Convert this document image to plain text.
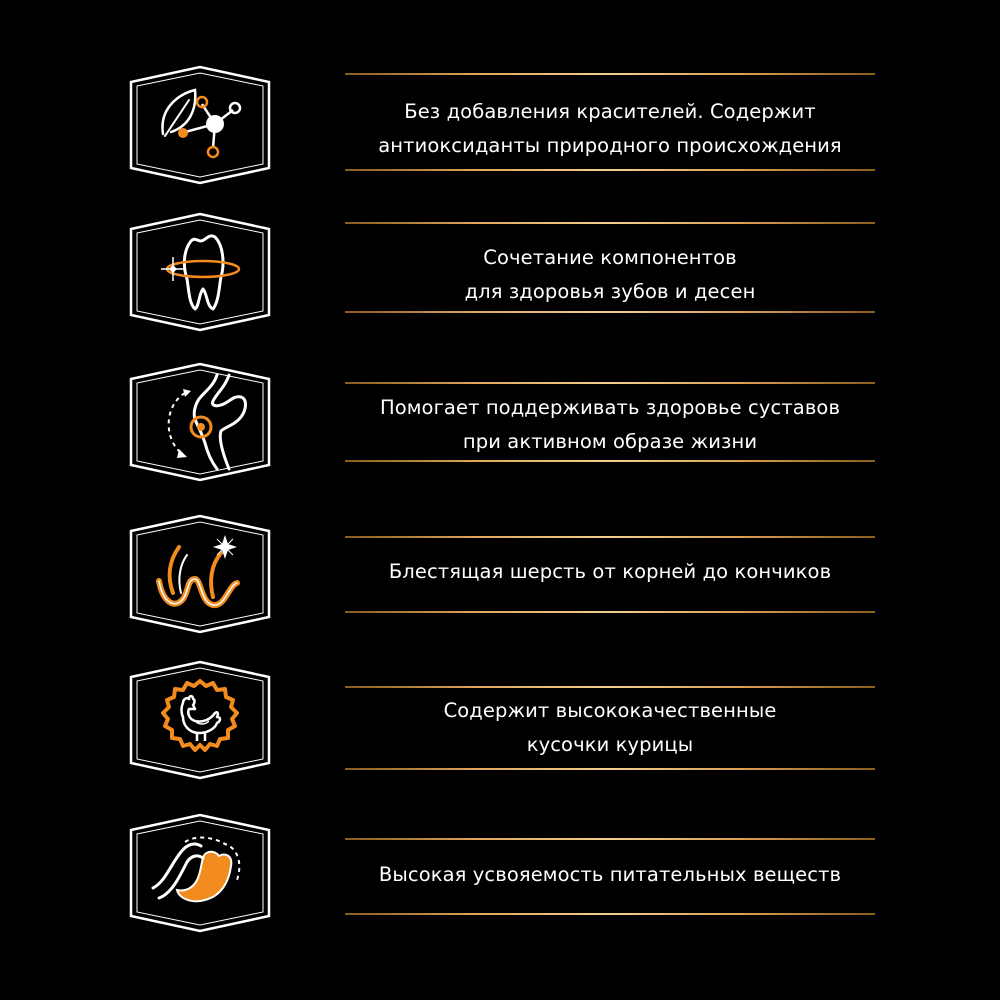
Без добавления красителей. Содержит
антиоксиданты природного происхождения
Сочетание компонентов
для здоровья зубов и десен
Помогает поддерживать здоровье суставов
при активном образе жизни
Блестящая шерсть от корней до кончиков
Содержит высококачественные
кусочки курицы
Высокая усвояемость питательных веществ
